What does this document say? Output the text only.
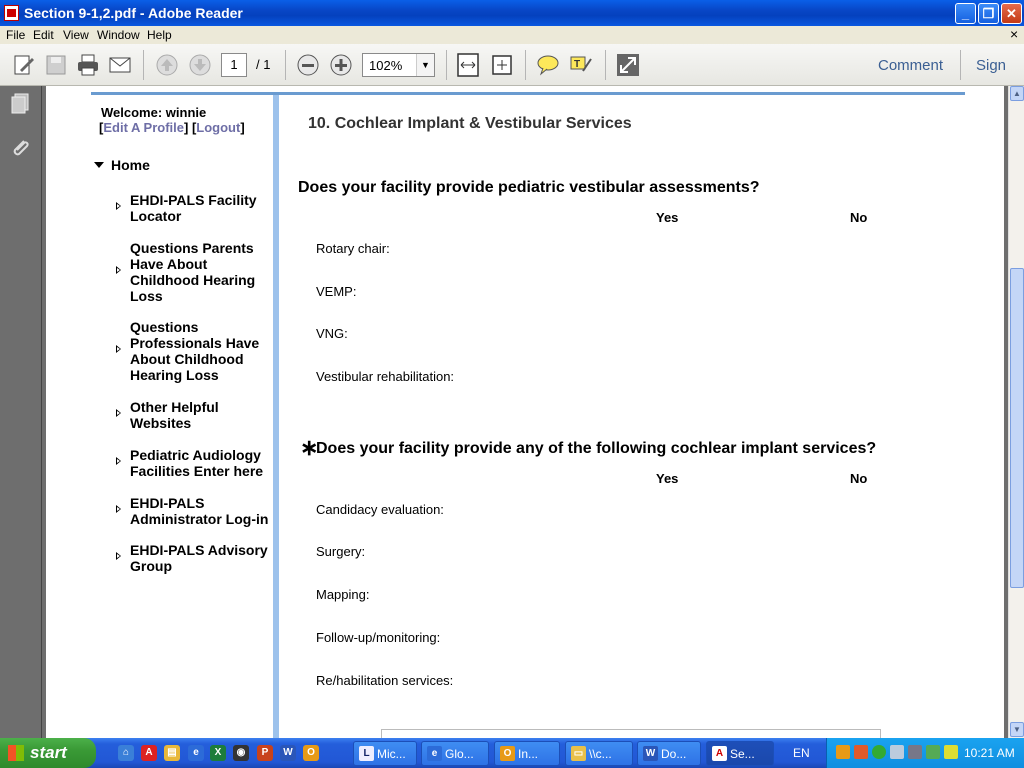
Section 9-1,2.pdf - Adobe Reader	_	❐ ✕
File Edit View Window Help	×
1	/ 1	102%	▼	T	Comment Sign
Welcome: winnie
[Edit A Profile] [Logout]
Home
EHDI-PALS Facility Locator
Questions Parents Have About Childhood Hearing Loss
Questions Professionals Have About Childhood Hearing Loss
Other Helpful Websites
Pediatric Audiology Facilities Enter here
EHDI-PALS Administrator Log-in
EHDI-PALS Advisory Group
10. Cochlear Implant & Vestibular Services
Does your facility provide pediatric vestibular assessments?
Yes	No
Rotary chair:
VEMP:
VNG:
Vestibular rehabilitation:
∗
Does your facility provide any of the following cochlear implant services?
Yes	No
Candidacy evaluation:
Surgery:
Mapping:
Follow-up/monitoring:
Re/habilitation services:
▲
▼
start	⌂	A	▤	e	X	◉	P	W	O	L Mic...	e Glo...	O In...	▭ \\c...	W Do...	A Se...	EN	10:21 AM
